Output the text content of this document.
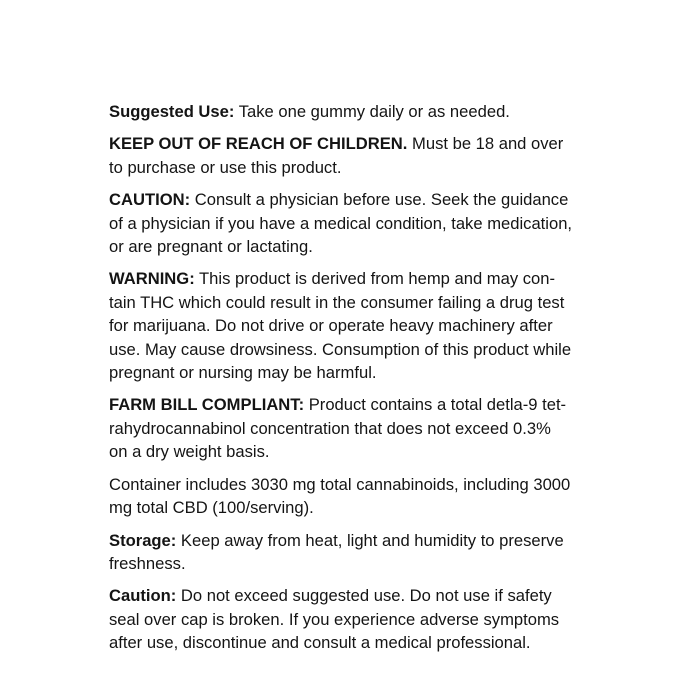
Suggested Use: Take one gummy daily or as needed.

KEEP OUT OF REACH OF CHILDREN. Must be 18 and over
to purchase or use this product.

CAUTION: Consult a physician before use. Seek the guidance
of a physician if you have a medical condition, take medication,
or are pregnant or lactating.

WARNING: This product is derived from hemp and may con-
tain THC which could result in the consumer failing a drug test
for marijuana. Do not drive or operate heavy machinery after
use. May cause drowsiness. Consumption of this product while
pregnant or nursing may be harmful.

FARM BILL COMPLIANT: Product contains a total detla-9 tet-
rahydrocannabinol concentration that does not exceed 0.3%
on a dry weight basis.

Container includes 3030 mg total cannabinoids, including 3000
mg total CBD (100/serving).

Storage: Keep away from heat, light and humidity to preserve
freshness.

Caution: Do not exceed suggested use. Do not use if safety
seal over cap is broken. If you experience adverse symptoms
after use, discontinue and consult a medical professional.
